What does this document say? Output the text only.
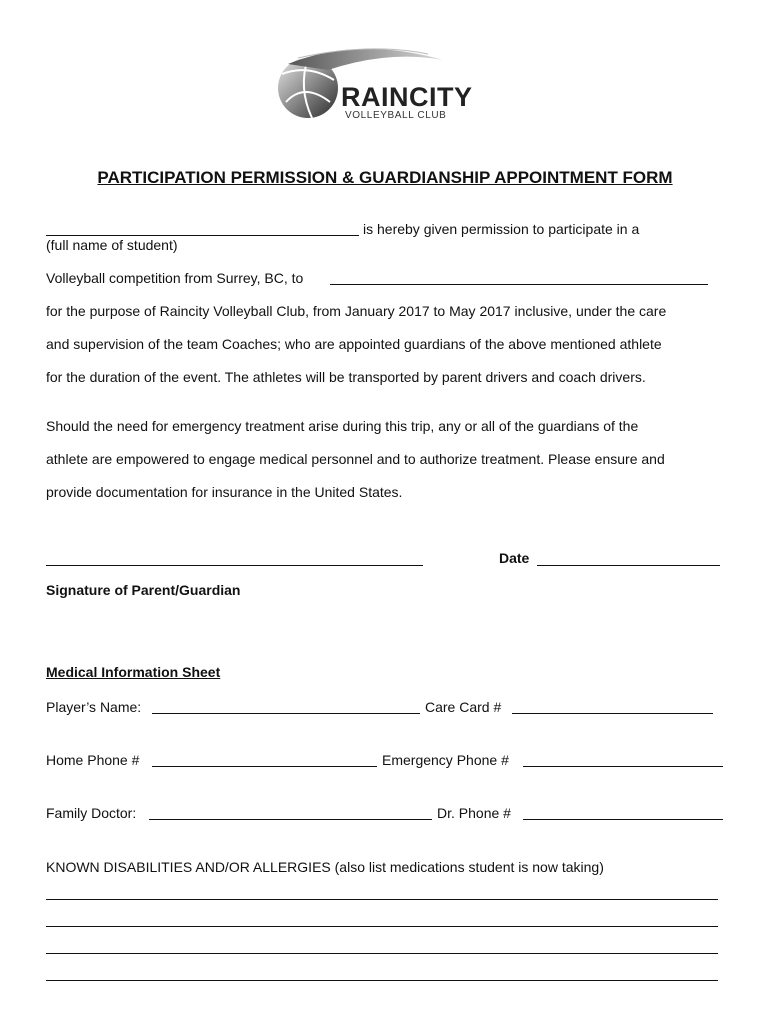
RAINCITY
VOLLEYBALL CLUB
PARTICIPATION PERMISSION & GUARDIANSHIP APPOINTMENT FORM
is hereby given permission to participate in a
(full name of student)
Volleyball competition from Surrey, BC, to
for the purpose of Raincity Volleyball Club, from January 2017 to May 2017 inclusive, under the care
and supervision of the team Coaches; who are appointed guardians of the above mentioned athlete
for the duration of the event. The athletes will be transported by parent drivers and coach drivers.
Should the need for emergency treatment arise during this trip, any or all of the guardians of the
athlete are empowered to engage medical personnel and to authorize treatment. Please ensure and
provide documentation for insurance in the United States.
Date
Signature of Parent/Guardian
Medical Information Sheet
Player’s Name:	Care Card #
Home Phone #	Emergency Phone #
Family Doctor:	Dr. Phone #
KNOWN DISABILITIES AND/OR ALLERGIES (also list medications student is now taking)
